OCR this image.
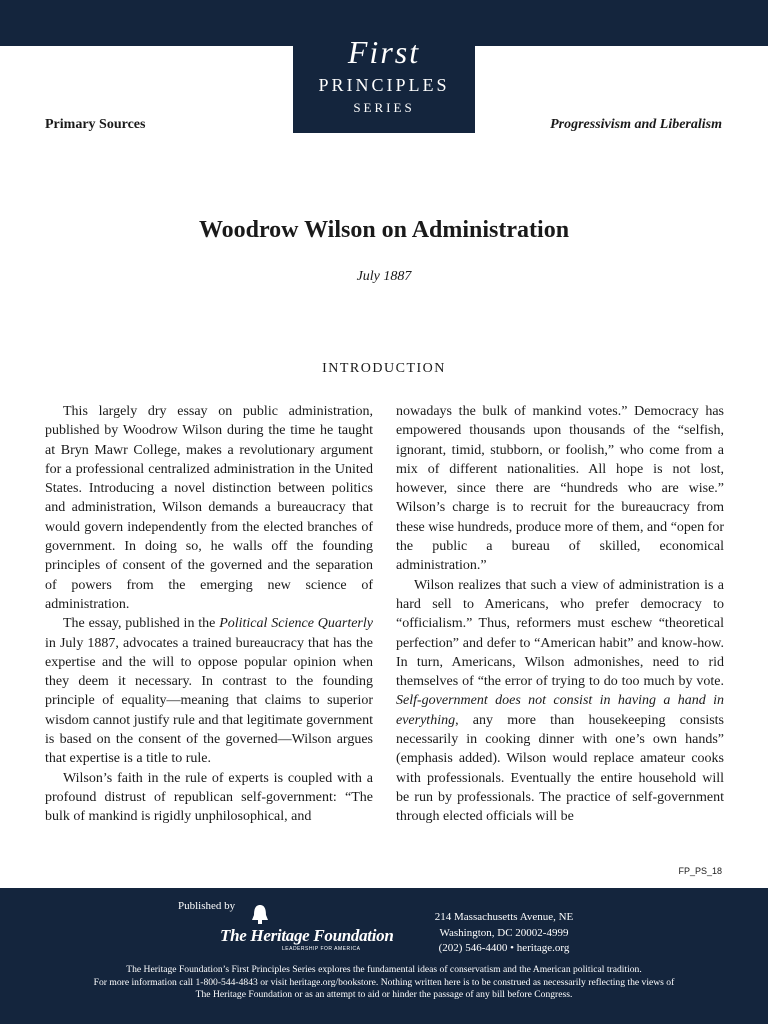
First
PRINCIPLES
SERIES
Primary Sources	Progressivism and Liberalism
Woodrow Wilson on Administration
July 1887
INTRODUCTION

This largely dry essay on public administration, published by Woodrow Wilson during the time he taught at Bryn Mawr College, makes a revolutionary argument for a professional centralized administration in the United States. Introducing a novel distinction between politics and administration, Wilson demands a bureaucracy that would govern independently from the elected branches of government. In doing so, he walls off the founding principles of consent of the governed and the separation of powers from the emerging new science of administration.

The essay, published in the Political Science Quarterly in July 1887, advocates a trained bureaucracy that has the expertise and the will to oppose popular opinion when they deem it necessary. In contrast to the founding principle of equality—meaning that claims to superior wisdom cannot justify rule and that legitimate government is based on the consent of the governed—Wilson argues that expertise is a title to rule.

Wilson’s faith in the rule of experts is coupled with a profound distrust of republican self-government: “The bulk of mankind is rigidly unphilosophical, and

nowadays the bulk of mankind votes.” Democracy has empowered thousands upon thousands of the “selfish, ignorant, timid, stubborn, or foolish,” who come from a mix of different nationalities. All hope is not lost, however, since there are “hundreds who are wise.” Wilson’s charge is to recruit for the bureaucracy from these wise hundreds, produce more of them, and “open for the public a bureau of skilled, economical administration.”

Wilson realizes that such a view of administration is a hard sell to Americans, who prefer democracy to “officialism.” Thus, reformers must eschew “theoretical perfection” and defer to “American habit” and know-how. In turn, Americans, Wilson admonishes, need to rid themselves of “the error of trying to do too much by vote. Self-government does not consist in having a hand in everything, any more than housekeeping consists necessarily in cooking dinner with one’s own hands” (emphasis added). Wilson would replace amateur cooks with professionals. Eventually the entire household will be run by professionals. The practice of self-government through elected officials will be

FP_PS_18
Published by
The Heritage Foundation
LEADERSHIP FOR AMERICA
214 Massachusetts Avenue, NE
Washington, DC 20002-4999
(202) 546-4400 • heritage.org
The Heritage Foundation’s First Principles Series explores the fundamental ideas of conservatism and the American political tradition.
For more information call 1-800-544-4843 or visit heritage.org/bookstore. Nothing written here is to be construed as necessarily reflecting the views of
The Heritage Foundation or as an attempt to aid or hinder the passage of any bill before Congress.
